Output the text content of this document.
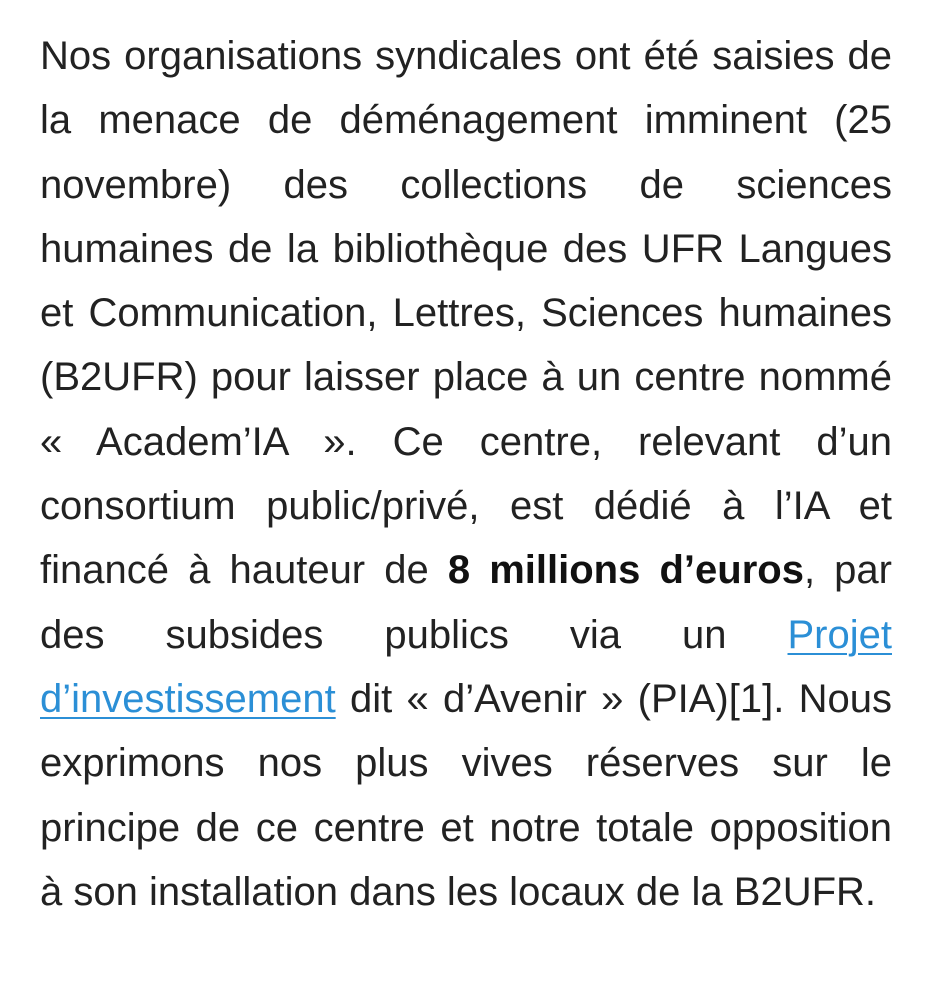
Nos organisations syndicales ont été saisies de la menace de déménagement imminent (25 novembre) des collections de sciences humaines de la bibliothèque des UFR Langues et Communication, Lettres, Sciences humaines (B2UFR) pour laisser place à un centre nommé « Academ’IA ». Ce centre, relevant d’un consortium public/privé, est dédié à l’IA et financé à hauteur de 8 millions d’euros, par des subsides publics via un Projet d’investissement dit « d’Avenir » (PIA)[1]. Nous exprimons nos plus vives réserves sur le principe de ce centre et notre totale opposition à son installation dans les locaux de la B2UFR.
